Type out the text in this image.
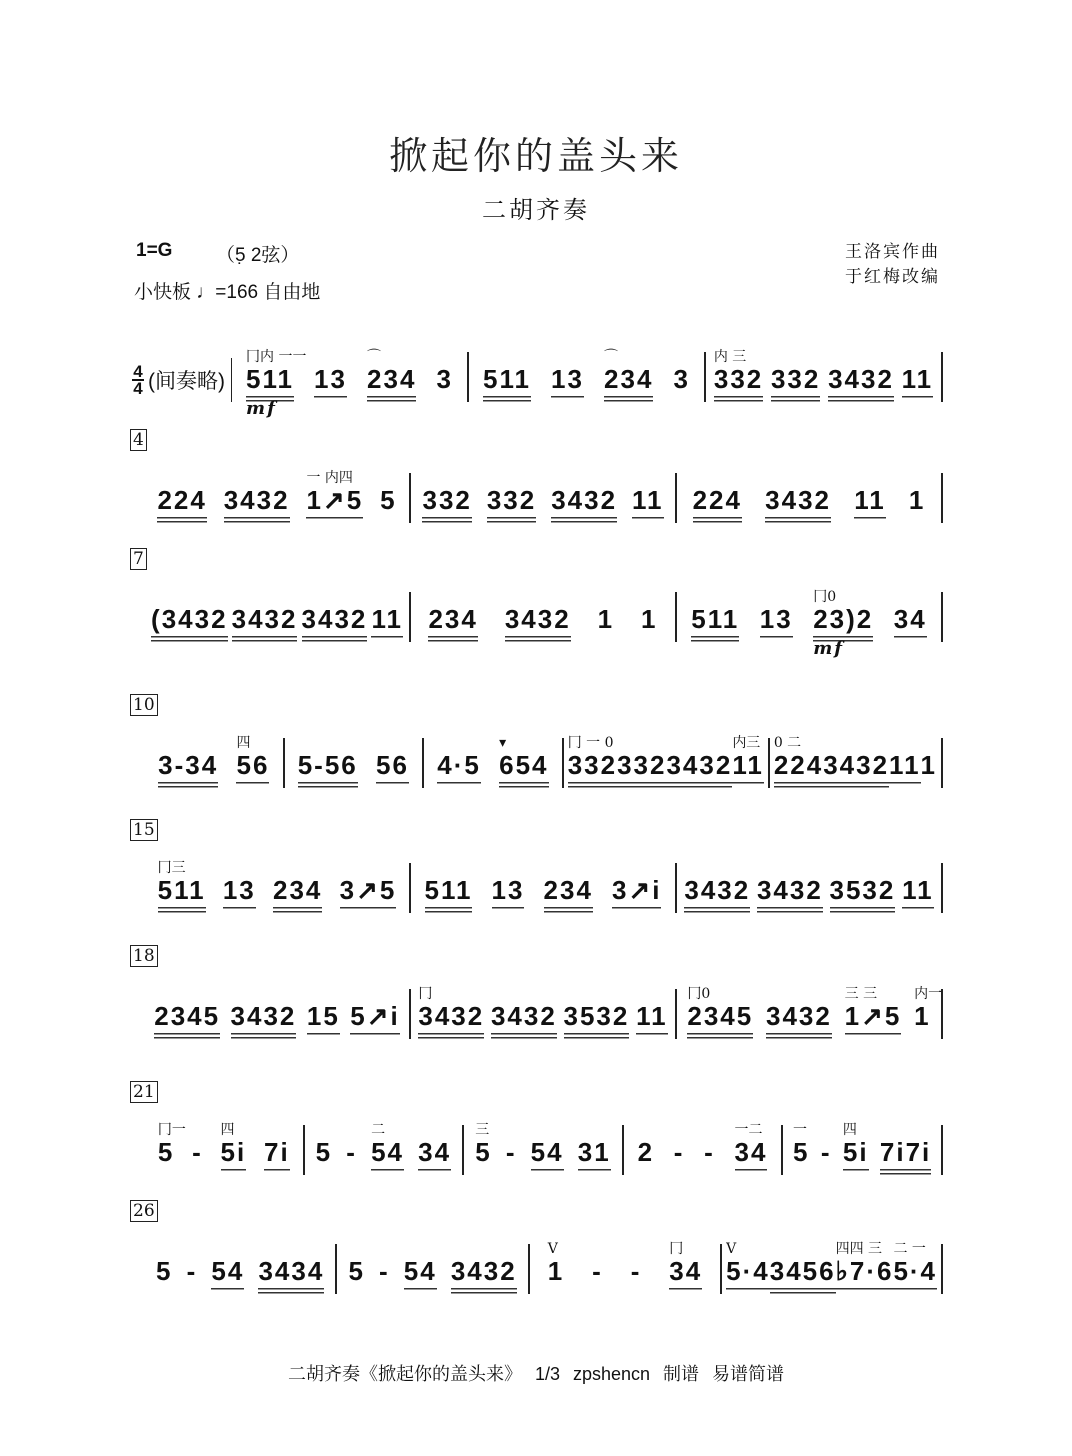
掀起你的盖头来
二胡齐奏
1=G （5̣ 2弦）
小快板 ♩=166 自由地
王洛宾作曲
于红梅改编
4
4 (间奏略) 511
冂内 一一
mf
13 234
⌒
3 511 13 234
⌒
3 332
内 三
332 3432 11
4
224 3432 1↗5
一 内四
5 332 332 3432 11 224 3432 11 1
7
(3432 3432 3432 11 234 3432 1 1 511 13 23)2
冂0
mf
34
10
3-34 56
四
5-56 56 4·5 654
▾
332
冂 一 0
332 3432 11
内三
224
0 二
3432 11 1
15
511
冂三
13 234 3↗5 511 13 234 3↗i 3432 3432 3532 11
18
2345 3432 15 5↗i 3432
冂
3432 3532 11 2345
冂0
3432 1↗5
三 三
1
内一
21
5
冂一
- 5i
四
7i 5 - 54
二
34 5
三
- 54 31 2 - - 34
一二
5
一
- 5i
四
7i7i
26
5 - 54 3434 5 - 54 3432 1
V
- - 34
冂
5·4
V
3456 ♭7·6
四四 三
5·4
二 一
二胡齐奏《掀起你的盖头来》 1/3 zpshencn 制谱 易谱简谱
